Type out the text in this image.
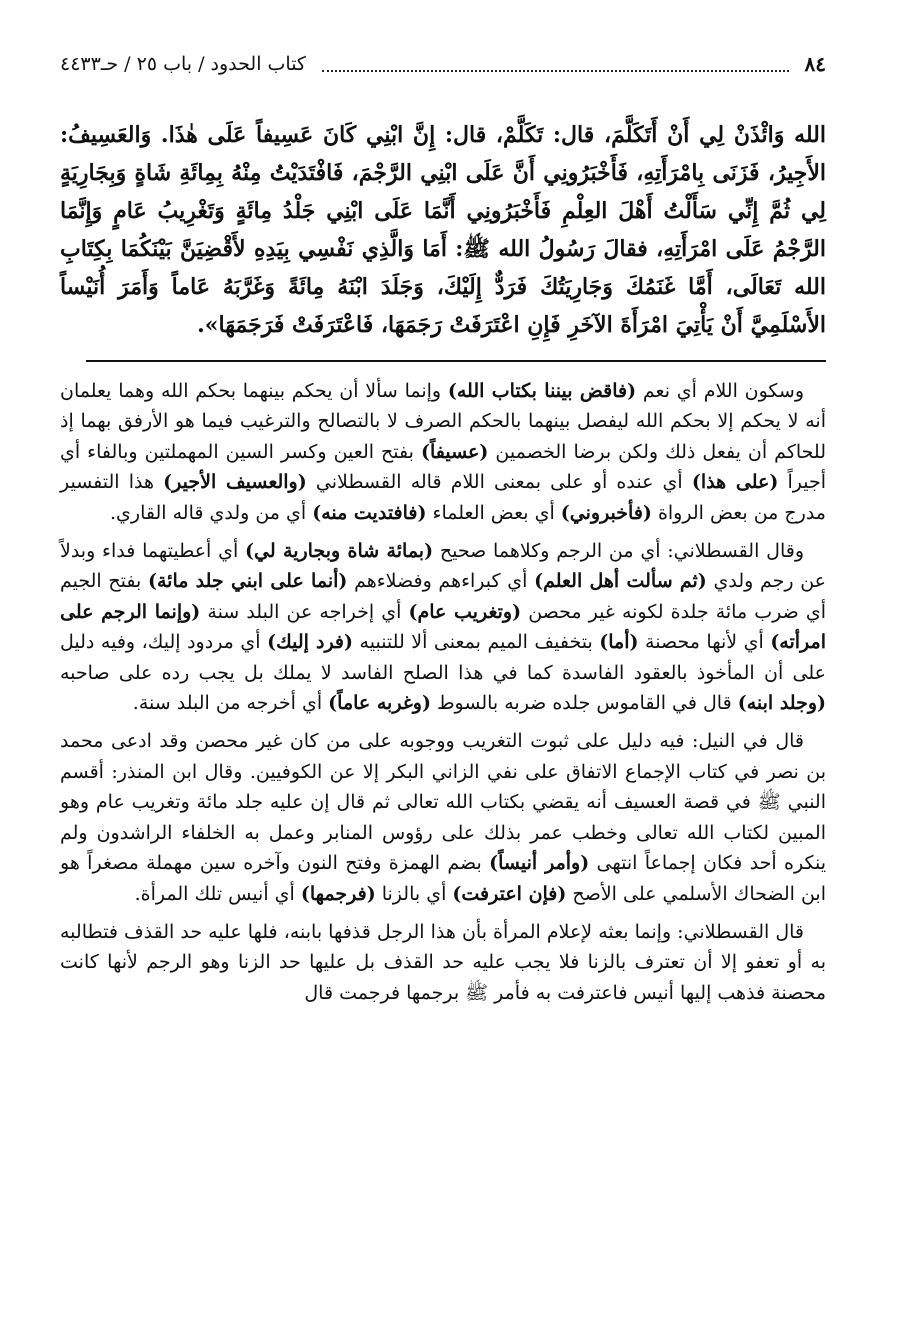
٨٤
كتاب الحدود / باب ٢٥ / حـ٤٤٣٣
الله وَائْذَنْ لِي أَنْ أَتَكَلَّمَ، قال: تَكَلَّمْ، قال: إِنَّ ابْنِي كَانَ عَسِيفاً عَلَى هٰذَا. وَالعَسِيفُ: الأَجِيرُ، فَزَنَى بِامْرَأَتِهِ، فَأَخْبَرُونِي أَنَّ عَلَى ابْنِي الرَّجْمَ، فَافْتَدَيْتُ مِنْهُ بِمِائَةِ شَاةٍ وَبِجَارِيَةٍ لِي ثُمَّ إِنِّي سَأَلْتُ أَهْلَ العِلْمِ فَأَخْبَرُونِي أَنَّمَا عَلَى ابْنِي جَلْدُ مِائَةٍ وَتَغْرِيبُ عَامٍ وَإِنَّمَا الرَّجْمُ عَلَى امْرَأَتِهِ، فقالَ رَسُولُ الله ﷺ: أَمَا وَالَّذِي نَفْسِي بِيَدِهِ لأَقْضِيَنَّ بَيْنَكُمَا بِكِتَابِ الله تَعَالَى، أَمَّا غَنَمُكَ وَجَارِيَتُكَ فَرَدٌّ إِلَيْكَ، وَجَلَدَ ابْنَهُ مِائَةً وَغَرَّبَهُ عَاماً وَأَمَرَ أُنَيْساً الأَسْلَمِيَّ أَنْ يَأْتِيَ امْرَأَةَ الآخَرِ فَإِنِ اعْتَرَفَتْ رَجَمَهَا، فَاعْتَرَفَتْ فَرَجَمَهَا».

وسكون اللام أي نعم (فاقض بيننا بكتاب الله) وإنما سألا أن يحكم بينهما بحكم الله وهما يعلمان أنه لا يحكم إلا بحكم الله ليفصل بينهما بالحكم الصرف لا بالتصالح والترغيب فيما هو الأرفق بهما إذ للحاكم أن يفعل ذلك ولكن برضا الخصمين (عسيفاً) بفتح العين وكسر السين المهملتين وبالفاء أي أجيراً (على هذا) أي عنده أو على بمعنى اللام قاله القسطلاني (والعسيف الأجير) هذا التفسير مدرج من بعض الرواة (فأخبروني) أي بعض العلماء (فافتديت منه) أي من ولدي قاله القاري.

وقال القسطلاني: أي من الرجم وكلاهما صحيح (بمائة شاة وبجارية لي) أي أعطيتهما فداء وبدلاً عن رجم ولدي (ثم سألت أهل العلم) أي كبراءهم وفضلاءهم (أنما على ابني جلد مائة) بفتح الجيم أي ضرب مائة جلدة لكونه غير محصن (وتغريب عام) أي إخراجه عن البلد سنة (وإنما الرجم على امرأته) أي لأنها محصنة (أما) بتخفيف الميم بمعنى ألا للتنبيه (فرد إليك) أي مردود إليك، وفيه دليل على أن المأخوذ بالعقود الفاسدة كما في هذا الصلح الفاسد لا يملك بل يجب رده على صاحبه (وجلد ابنه) قال في القاموس جلده ضربه بالسوط (وغربه عاماً) أي أخرجه من البلد سنة.

قال في النيل: فيه دليل على ثبوت التغريب ووجوبه على من كان غير محصن وقد ادعى محمد بن نصر في كتاب الإجماع الاتفاق على نفي الزاني البكر إلا عن الكوفيين. وقال ابن المنذر: أقسم النبي ﷺ في قصة العسيف أنه يقضي بكتاب الله تعالى ثم قال إن عليه جلد مائة وتغريب عام وهو المبين لكتاب الله تعالى وخطب عمر بذلك على رؤوس المنابر وعمل به الخلفاء الراشدون ولم ينكره أحد فكان إجماعاً انتهى (وأمر أنيساً) بضم الهمزة وفتح النون وآخره سين مهملة مصغراً هو ابن الضحاك الأسلمي على الأصح (فإن اعترفت) أي بالزنا (فرجمها) أي أنيس تلك المرأة.

قال القسطلاني: وإنما بعثه لإعلام المرأة بأن هذا الرجل قذفها بابنه، فلها عليه حد القذف فتطالبه به أو تعفو إلا أن تعترف بالزنا فلا يجب عليه حد القذف بل عليها حد الزنا وهو الرجم لأنها كانت محصنة فذهب إليها أنيس فاعترفت به فأمر ﷺ برجمها فرجمت قال
